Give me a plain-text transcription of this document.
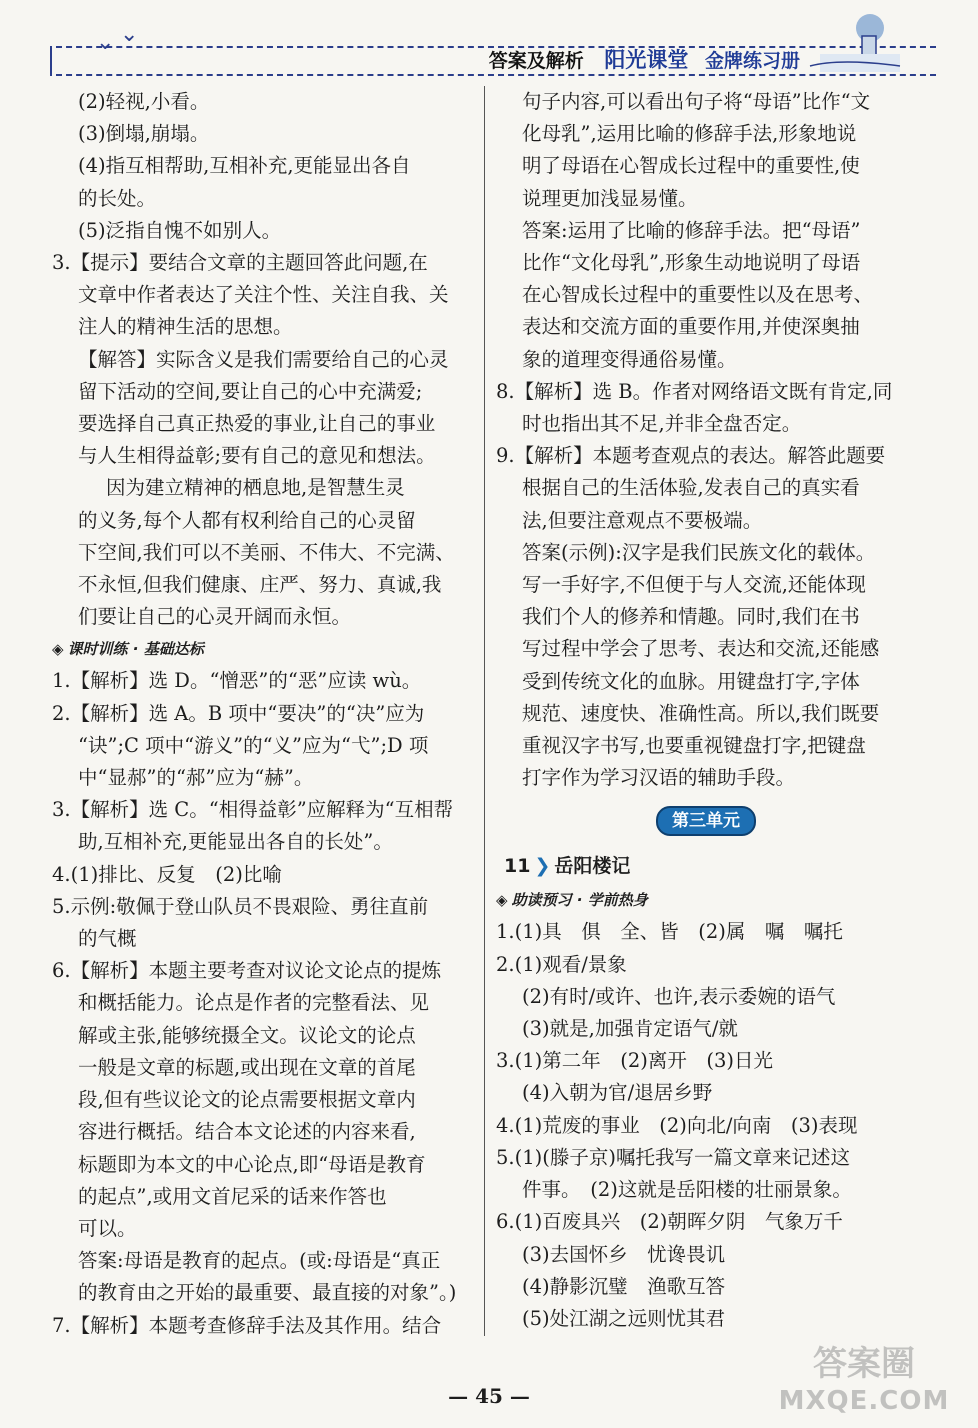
⌄ ⌄
答案及解析 阳光课堂 金牌练习册
(2)轻视,小看。
(3)倒塌,崩塌。
(4)指互相帮助,互相补充,更能显出各自
的长处。
(5)泛指自愧不如别人。
3.【提示】要结合文章的主题回答此问题,在
文章中作者表达了关注个性、关注自我、关
注人的精神生活的思想。
【解答】实际含义是我们需要给自己的心灵
留下活动的空间,要让自己的心中充满爱;
要选择自己真正热爱的事业,让自己的事业
与人生相得益彰;要有自己的意见和想法。
因为建立精神的栖息地,是智慧生灵
的义务,每个人都有权利给自己的心灵留
下空间,我们可以不美丽、不伟大、不完满、
不永恒,但我们健康、庄严、努力、真诚,我
们要让自己的心灵开阔而永恒。
◈ 课时训练 · 基础达标
1.【解析】选 D。“憎恶”的“恶”应读 wù。
2.【解析】选 A。B 项中“要决”的“决”应为
“诀”;C 项中“游义”的“义”应为“弋”;D 项
中“显郝”的“郝”应为“赫”。
3.【解析】选 C。“相得益彰”应解释为“互相帮
助,互相补充,更能显出各自的长处”。
4.(1)排比、反复　(2)比喻
5.示例:敬佩于登山队员不畏艰险、勇往直前
的气概
6.【解析】本题主要考查对议论文论点的提炼
和概括能力。论点是作者的完整看法、见
解或主张,能够统摄全文。议论文的论点
一般是文章的标题,或出现在文章的首尾
段,但有些议论文的论点需要根据文章内
容进行概括。结合本文论述的内容来看,
标题即为本文的中心论点,即“母语是教育
的起点”,或用文首尼采的话来作答也
可以。
答案:母语是教育的起点。(或:母语是“真正
的教育由之开始的最重要、最直接的对象”。)
7.【解析】本题考查修辞手法及其作用。结合
句子内容,可以看出句子将“母语”比作“文
化母乳”,运用比喻的修辞手法,形象地说
明了母语在心智成长过程中的重要性,使
说理更加浅显易懂。
答案:运用了比喻的修辞手法。把“母语”
比作“文化母乳”,形象生动地说明了母语
在心智成长过程中的重要性以及在思考、
表达和交流方面的重要作用,并使深奥抽
象的道理变得通俗易懂。
8.【解析】选 B。作者对网络语文既有肯定,同
时也指出其不足,并非全盘否定。
9.【解析】本题考查观点的表达。解答此题要
根据自己的生活体验,发表自己的真实看
法,但要注意观点不要极端。
答案(示例):汉字是我们民族文化的载体。
写一手好字,不但便于与人交流,还能体现
我们个人的修养和情趣。同时,我们在书
写过程中学会了思考、表达和交流,还能感
受到传统文化的血脉。用键盘打字,字体
规范、速度快、准确性高。所以,我们既要
重视汉字书写,也要重视键盘打字,把键盘
打字作为学习汉语的辅助手段。
第三单元
11 ❯ 岳阳楼记
◈ 助读预习 · 学前热身
1.(1)具　俱　全、皆　(2)属　嘱　嘱托
2.(1)观看/景象
(2)有时/或许、也许,表示委婉的语气
(3)就是,加强肯定语气/就
3.(1)第二年　(2)离开　(3)日光
(4)入朝为官/退居乡野
4.(1)荒废的事业　(2)向北/向南　(3)表现
5.(1)(滕子京)嘱托我写一篇文章来记述这
件事。　(2)这就是岳阳楼的壮丽景象。
6.(1)百废具兴　(2)朝晖夕阴　气象万千
(3)去国怀乡　忧谗畏讥
(4)静影沉璧　渔歌互答
(5)处江湖之远则忧其君
— 45 —
答案圈
MXQE.COM
